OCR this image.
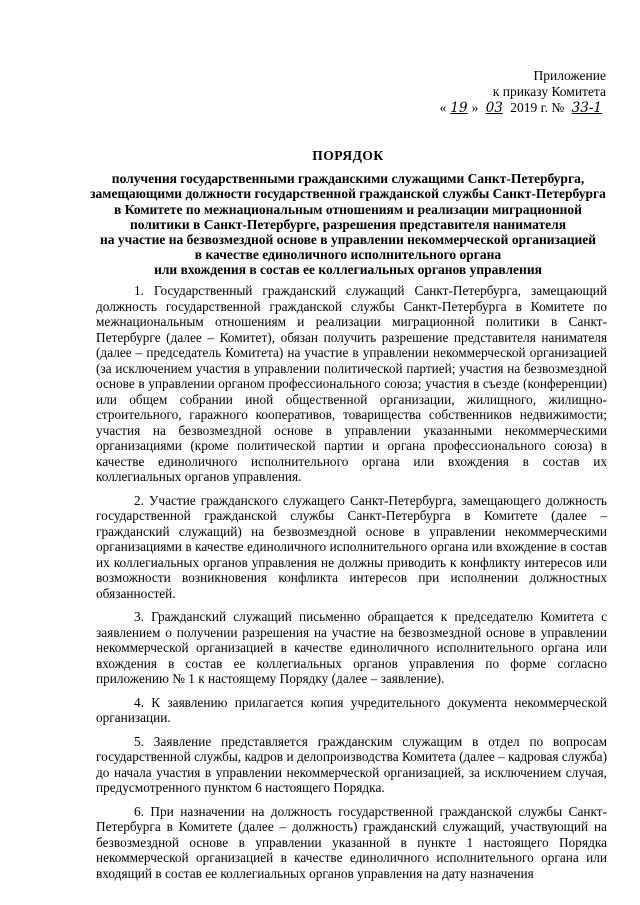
Приложение
к приказу Комитета
« 19 » 03 2019 г. № 33-1
ПОРЯДОК
получения государственными гражданскими служащими Санкт-Петербурга,
замещающими должности государственной гражданской службы Санкт-Петербурга
в Комитете по межнациональным отношениям и реализации миграционной
политики в Санкт-Петербурге, разрешения представителя нанимателя
на участие на безвозмездной основе в управлении некоммерческой организацией
в качестве единоличного исполнительного органа
или вхождения в состав ее коллегиальных органов управления

1. Государственный гражданский служащий Санкт-Петербурга, замещающий должность государственной гражданской службы Санкт-Петербурга в Комитете по межнациональным отношениям и реализации миграционной политики в Санкт-Петербурге (далее – Комитет), обязан получить разрешение представителя нанимателя (далее – председатель Комитета) на участие в управлении некоммерческой организацией (за исключением участия в управлении политической партией; участия на безвозмездной основе в управлении органом профессионального союза; участия в съезде (конференции) или общем собрании иной общественной организации, жилищного, жилищно-строительного, гаражного кооперативов, товарищества собственников недвижимости; участия на безвозмездной основе в управлении указанными некоммерческими организациями (кроме политической партии и органа профессионального союза) в качестве единоличного исполнительного органа или вхождения в состав их коллегиальных органов управления.

2. Участие гражданского служащего Санкт-Петербурга, замещающего должность государственной гражданской службы Санкт-Петербурга в Комитете (далее – гражданский служащий) на безвозмездной основе в управлении некоммерческими организациями в качестве единоличного исполнительного органа или вхождение в состав их коллегиальных органов управления не должны приводить к конфликту интересов или возможности возникновения конфликта интересов при исполнении должностных обязанностей.

3. Гражданский служащий письменно обращается к председателю Комитета с заявлением о получении разрешения на участие на безвозмездной основе в управлении некоммерческой организацией в качестве единоличного исполнительного органа или вхождения в состав ее коллегиальных органов управления по форме согласно приложению № 1 к настоящему Порядку (далее – заявление).

4. К заявлению прилагается копия учредительного документа некоммерческой организации.

5. Заявление представляется гражданским служащим в отдел по вопросам государственной службы, кадров и делопроизводства Комитета (далее – кадровая служба) до начала участия в управлении некоммерческой организацией, за исключением случая, предусмотренного пунктом 6 настоящего Порядка.

6. При назначении на должность государственной гражданской службы Санкт-Петербурга в Комитете (далее – должность) гражданский служащий, участвующий на безвозмездной основе в управлении указанной в пункте 1 настоящего Порядка некоммерческой организацией в качестве единоличного исполнительного органа или входящий в состав ее коллегиальных органов управления на дату назначения
